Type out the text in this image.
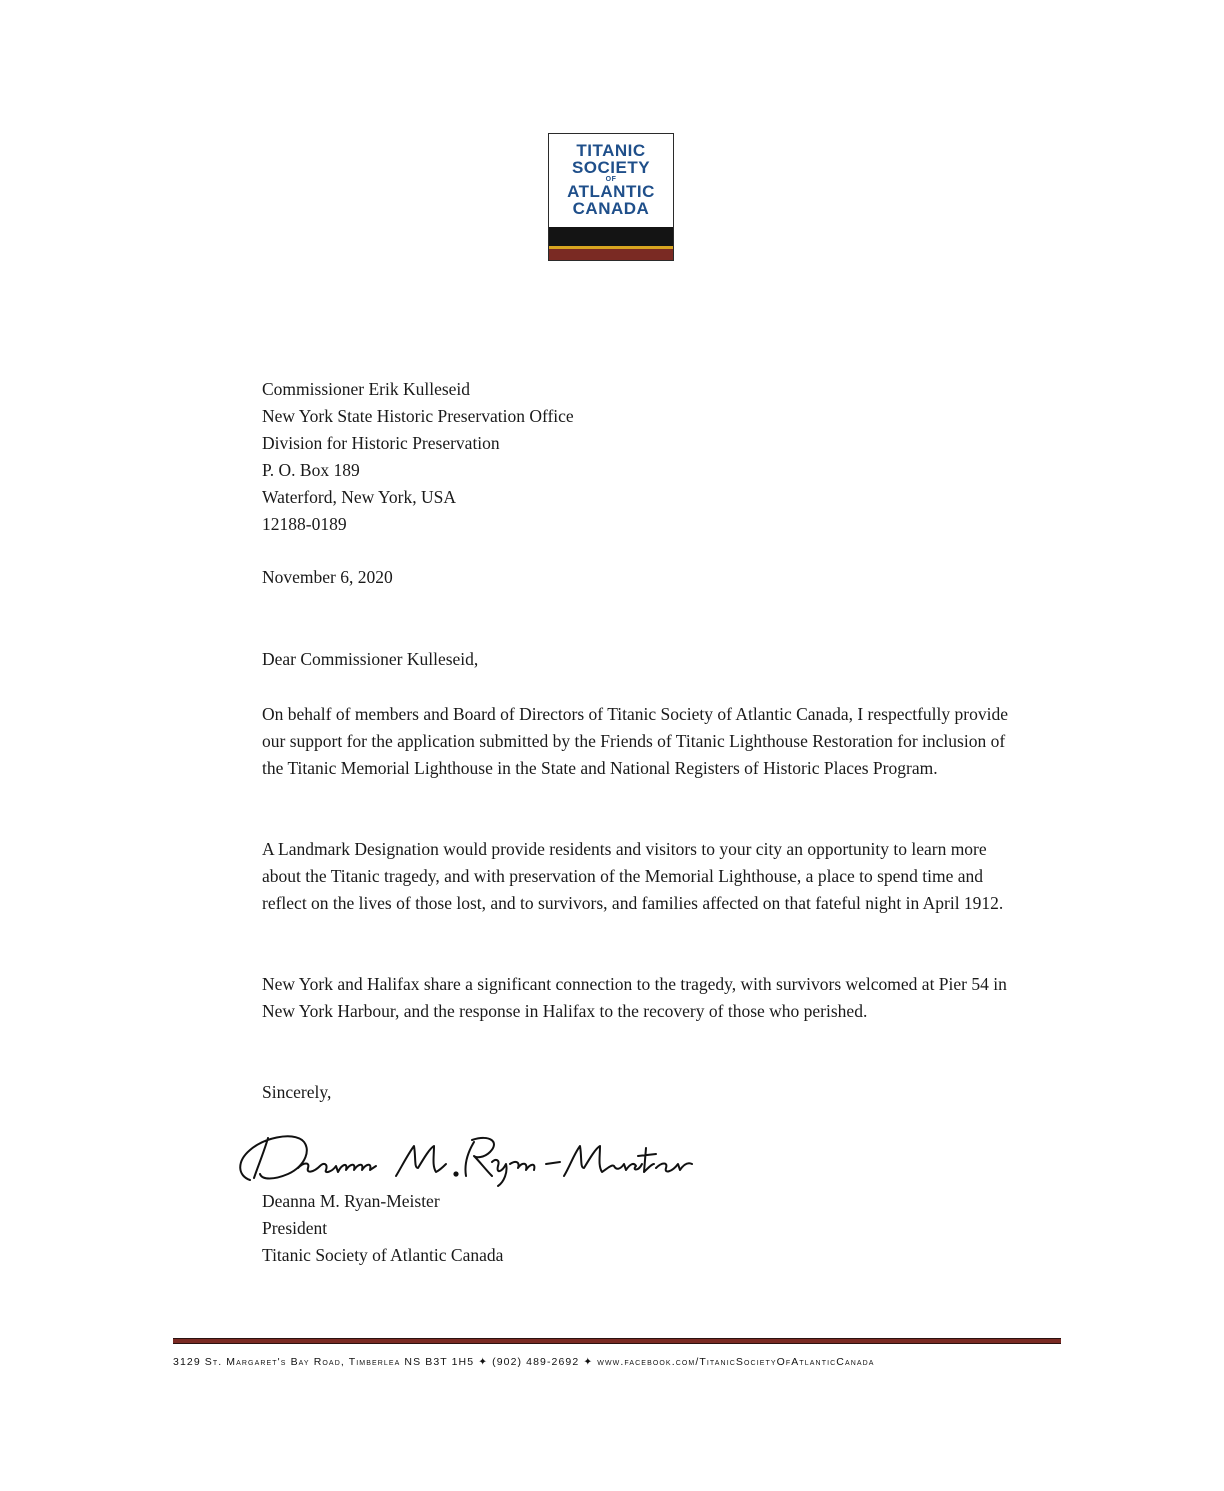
TITANIC
SOCIETY
OF
ATLANTIC
CANADA
Commissioner Erik Kulleseid
New York State Historic Preservation Office
Division for Historic Preservation
P. O. Box 189
Waterford, New York, USA
12188-0189
November 6, 2020
Dear Commissioner Kulleseid,

On behalf of members and Board of Directors of Titanic Society of Atlantic Canada, I respectfully provide our support for the application submitted by the Friends of Titanic Lighthouse Restoration for inclusion of the Titanic Memorial Lighthouse in the State and National Registers of Historic Places Program.

A Landmark Designation would provide residents and visitors to your city an opportunity to learn more about the Titanic tragedy, and with preservation of the Memorial Lighthouse, a place to spend time and reflect on the lives of those lost, and to survivors, and families affected on that fateful night in April 1912.

New York and Halifax share a significant connection to the tragedy, with survivors welcomed at Pier 54 in New York Harbour, and the response in Halifax to the recovery of those who perished.

Sincerely,
Deanna M. Ryan-Meister
President
Titanic Society of Atlantic Canada
3129 St. Margaret's Bay Road, Timberlea NS B3T 1H5 ✦ (902) 489-2692 ✦ www.facebook.com/TitanicSocietyOfAtlanticCanada
